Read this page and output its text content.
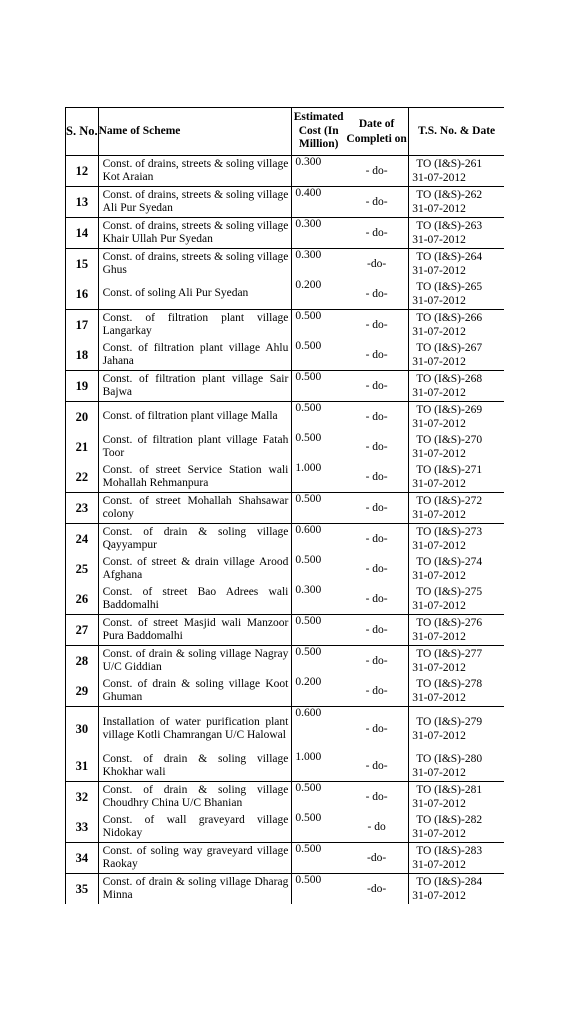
S. No.	Name of Scheme	Estimated Cost (In Million)	Date of Completi on	T.S. No. & Date
12	Const. of drains, streets & soling village Kot Araian	0.300	- do-	TO (I&S)-261
31-07-2012

13	Const. of drains, streets & soling village Ali Pur Syedan	0.400	- do-	TO (I&S)-262
31-07-2012

14	Const. of drains, streets & soling village Khair Ullah Pur Syedan	0.300	- do-	TO (I&S)-263
31-07-2012

15	Const. of drains, streets & soling village Ghus	0.300	-do-	TO (I&S)-264
31-07-2012

16	Const. of soling Ali Pur Syedan	0.200	- do-	TO (I&S)-265
31-07-2012

17	Const. of filtration plant village Langarkay	0.500	- do-	TO (I&S)-266
31-07-2012

18	Const. of filtration plant village Ahlu Jahana	0.500	- do-	TO (I&S)-267
31-07-2012

19	Const. of filtration plant village Sair Bajwa	0.500	- do-	TO (I&S)-268
31-07-2012

20	Const. of filtration plant village Malla	0.500	- do-	TO (I&S)-269
31-07-2012

21	Const. of filtration plant village Fatah Toor	0.500	- do-	TO (I&S)-270
31-07-2012

22	Const. of street Service Station wali Mohallah Rehmanpura	1.000	- do-	TO (I&S)-271
31-07-2012

23	Const. of street Mohallah Shahsawar colony	0.500	- do-	TO (I&S)-272
31-07-2012

24	Const. of drain & soling village Qayyampur	0.600	- do-	TO (I&S)-273
31-07-2012

25	Const. of street & drain village Arood Afghana	0.500	- do-	TO (I&S)-274
31-07-2012

26	Const. of street Bao Adrees wali Baddomalhi	0.300	- do-	TO (I&S)-275
31-07-2012

27	Const. of street Masjid wali Manzoor Pura Baddomalhi	0.500	- do-	TO (I&S)-276
31-07-2012

28	Const. of drain & soling village Nagray U/C Giddian	0.500	- do-	TO (I&S)-277
31-07-2012

29	Const. of drain & soling village Koot Ghuman	0.200	- do-	TO (I&S)-278
31-07-2012

30	Installation of water purification plant village Kotli Chamrangan U/C Halowal	0.600	- do-	TO (I&S)-279
31-07-2012

31	Const. of drain & soling village Khokhar wali	1.000	- do-	TO (I&S)-280
31-07-2012

32	Const. of drain & soling village Choudhry China U/C Bhanian	0.500	- do-	TO (I&S)-281
31-07-2012

33	Const. of wall graveyard village Nidokay	0.500	- do	TO (I&S)-282
31-07-2012

34	Const. of soling way graveyard village Raokay	0.500	-do-	TO (I&S)-283
31-07-2012

35	Const. of drain & soling village Dharag Minna	0.500	-do-	TO (I&S)-284
31-07-2012
